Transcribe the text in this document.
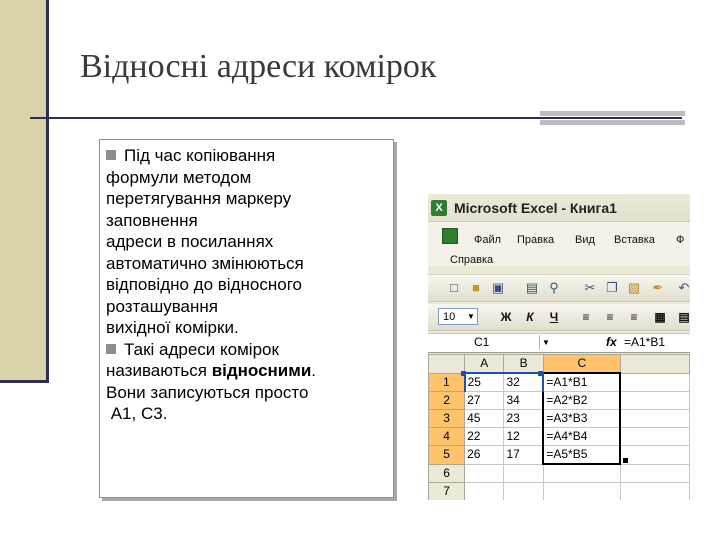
Відносні адреси комірок
Під час копіювання
формули методом
перетягування маркеру
заповнення
адреси в посиланнях
автоматично змінюються
відповідно до відносного
розташування
вихідної комірки.
Такі адреси комірок
називаються відносними.
Вони записуються просто
А1, С3.
X Microsoft Excel - Книга1
Файл Правка Вид Вставка Ф
Справка
□	■ ▣ ▤ ⚲ ✂ ❐ ▧ ✒ ↶
10 ▼ Ж	К	Ч	≡	≡	≡	▦ ▤
C1	▼	fx =A1*B1
	A	B	C	
1	25	32	=A1*B1	
2	27	34	=A2*B2	
3	45	23	=A3*B3	
4	22	12	=A4*B4	
5	26	17	=A5*B5	
6				
7				
